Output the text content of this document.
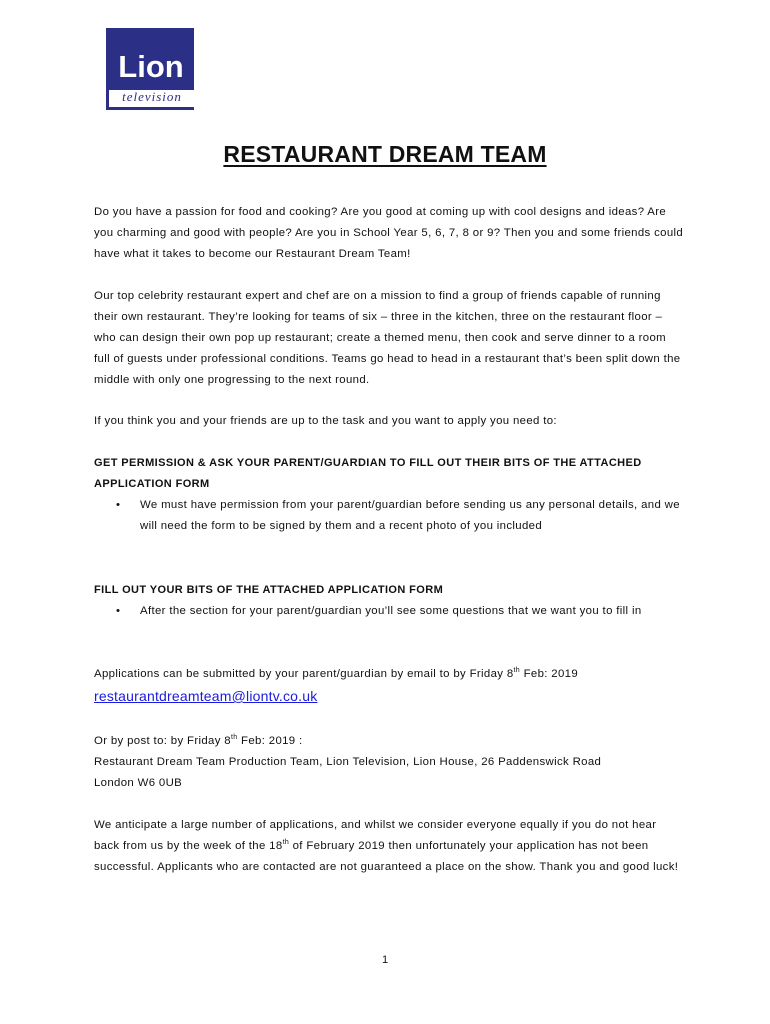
Lion
television
RESTAURANT DREAM TEAM

Do you have a passion for food and cooking? Are you good at coming up with cool designs and ideas? Are you charming and good with people? Are you in School Year 5, 6, 7, 8 or 9? Then you and some friends could have what it takes to become our Restaurant Dream Team!

Our top celebrity restaurant expert and chef are on a mission to find a group of friends capable of running their own restaurant. They’re looking for teams of six – three in the kitchen, three on the restaurant floor – who can design their own pop up restaurant; create a themed menu, then cook and serve dinner to a room full of guests under professional conditions. Teams go head to head in a restaurant that’s been split down the middle with only one progressing to the next round.

If you think you and your friends are up to the task and you want to apply you need to:

GET PERMISSION & ASK YOUR PARENT/GUARDIAN TO FILL OUT THEIR BITS OF THE ATTACHED APPLICATION FORM

• We must have permission from your parent/guardian before sending us any personal details, and we will need the form to be signed by them and a recent photo of you included

FILL OUT YOUR BITS OF THE ATTACHED APPLICATION FORM

• After the section for your parent/guardian you’ll see some questions that we want you to fill in

Applications can be submitted by your parent/guardian by email to by Friday 8th Feb: 2019

restaurantdreamteam@liontv.co.uk

Or by post to: by Friday 8th Feb: 2019 :

Restaurant Dream Team Production Team, Lion Television, Lion House, 26 Paddenswick Road

London W6 0UB

We anticipate a large number of applications, and whilst we consider everyone equally if you do not hear back from us by the week of the 18th of February 2019 then unfortunately your application has not been successful. Applicants who are contacted are not guaranteed a place on the show. Thank you and good luck!

1
